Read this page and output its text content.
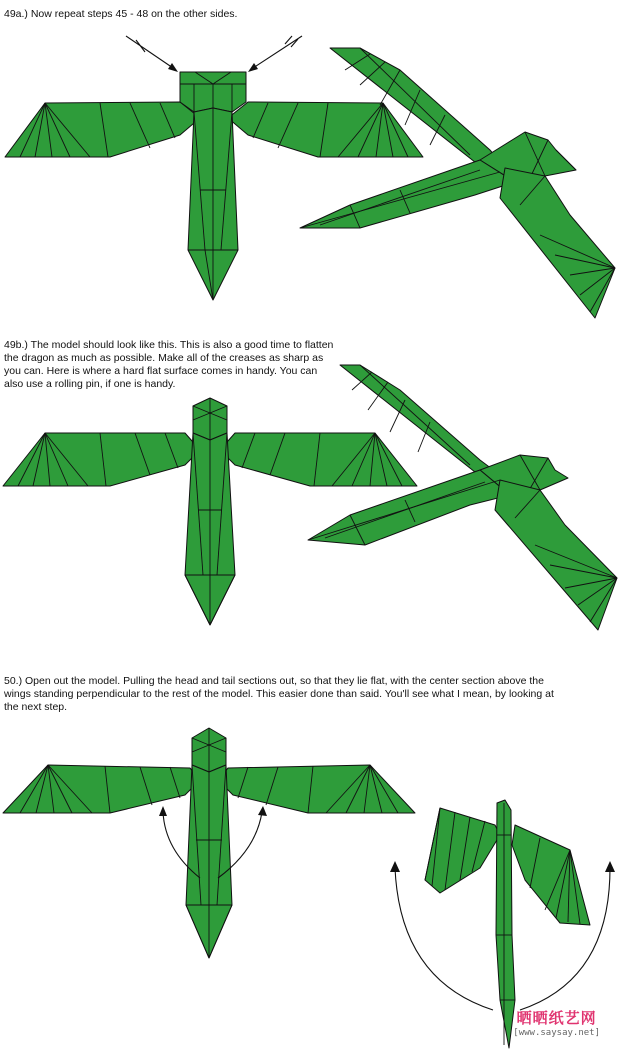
49a.) Now repeat steps 45 - 48 on the other sides.

49b.) The model should look like this. This is also a good time to flatten the dragon as much as possible. Make all of the creases as sharp as you can. Here is where a hard flat surface comes in handy. You can also use a rolling pin, if one is handy.

50.) Open out the model. Pulling the head and tail sections out, so that they lie flat, with the center section above the wings standing perpendicular to the rest of the model. This easier done than said. You'll see what I mean, by looking at the next step.

晒晒纸艺网
[www.saysay.net]
